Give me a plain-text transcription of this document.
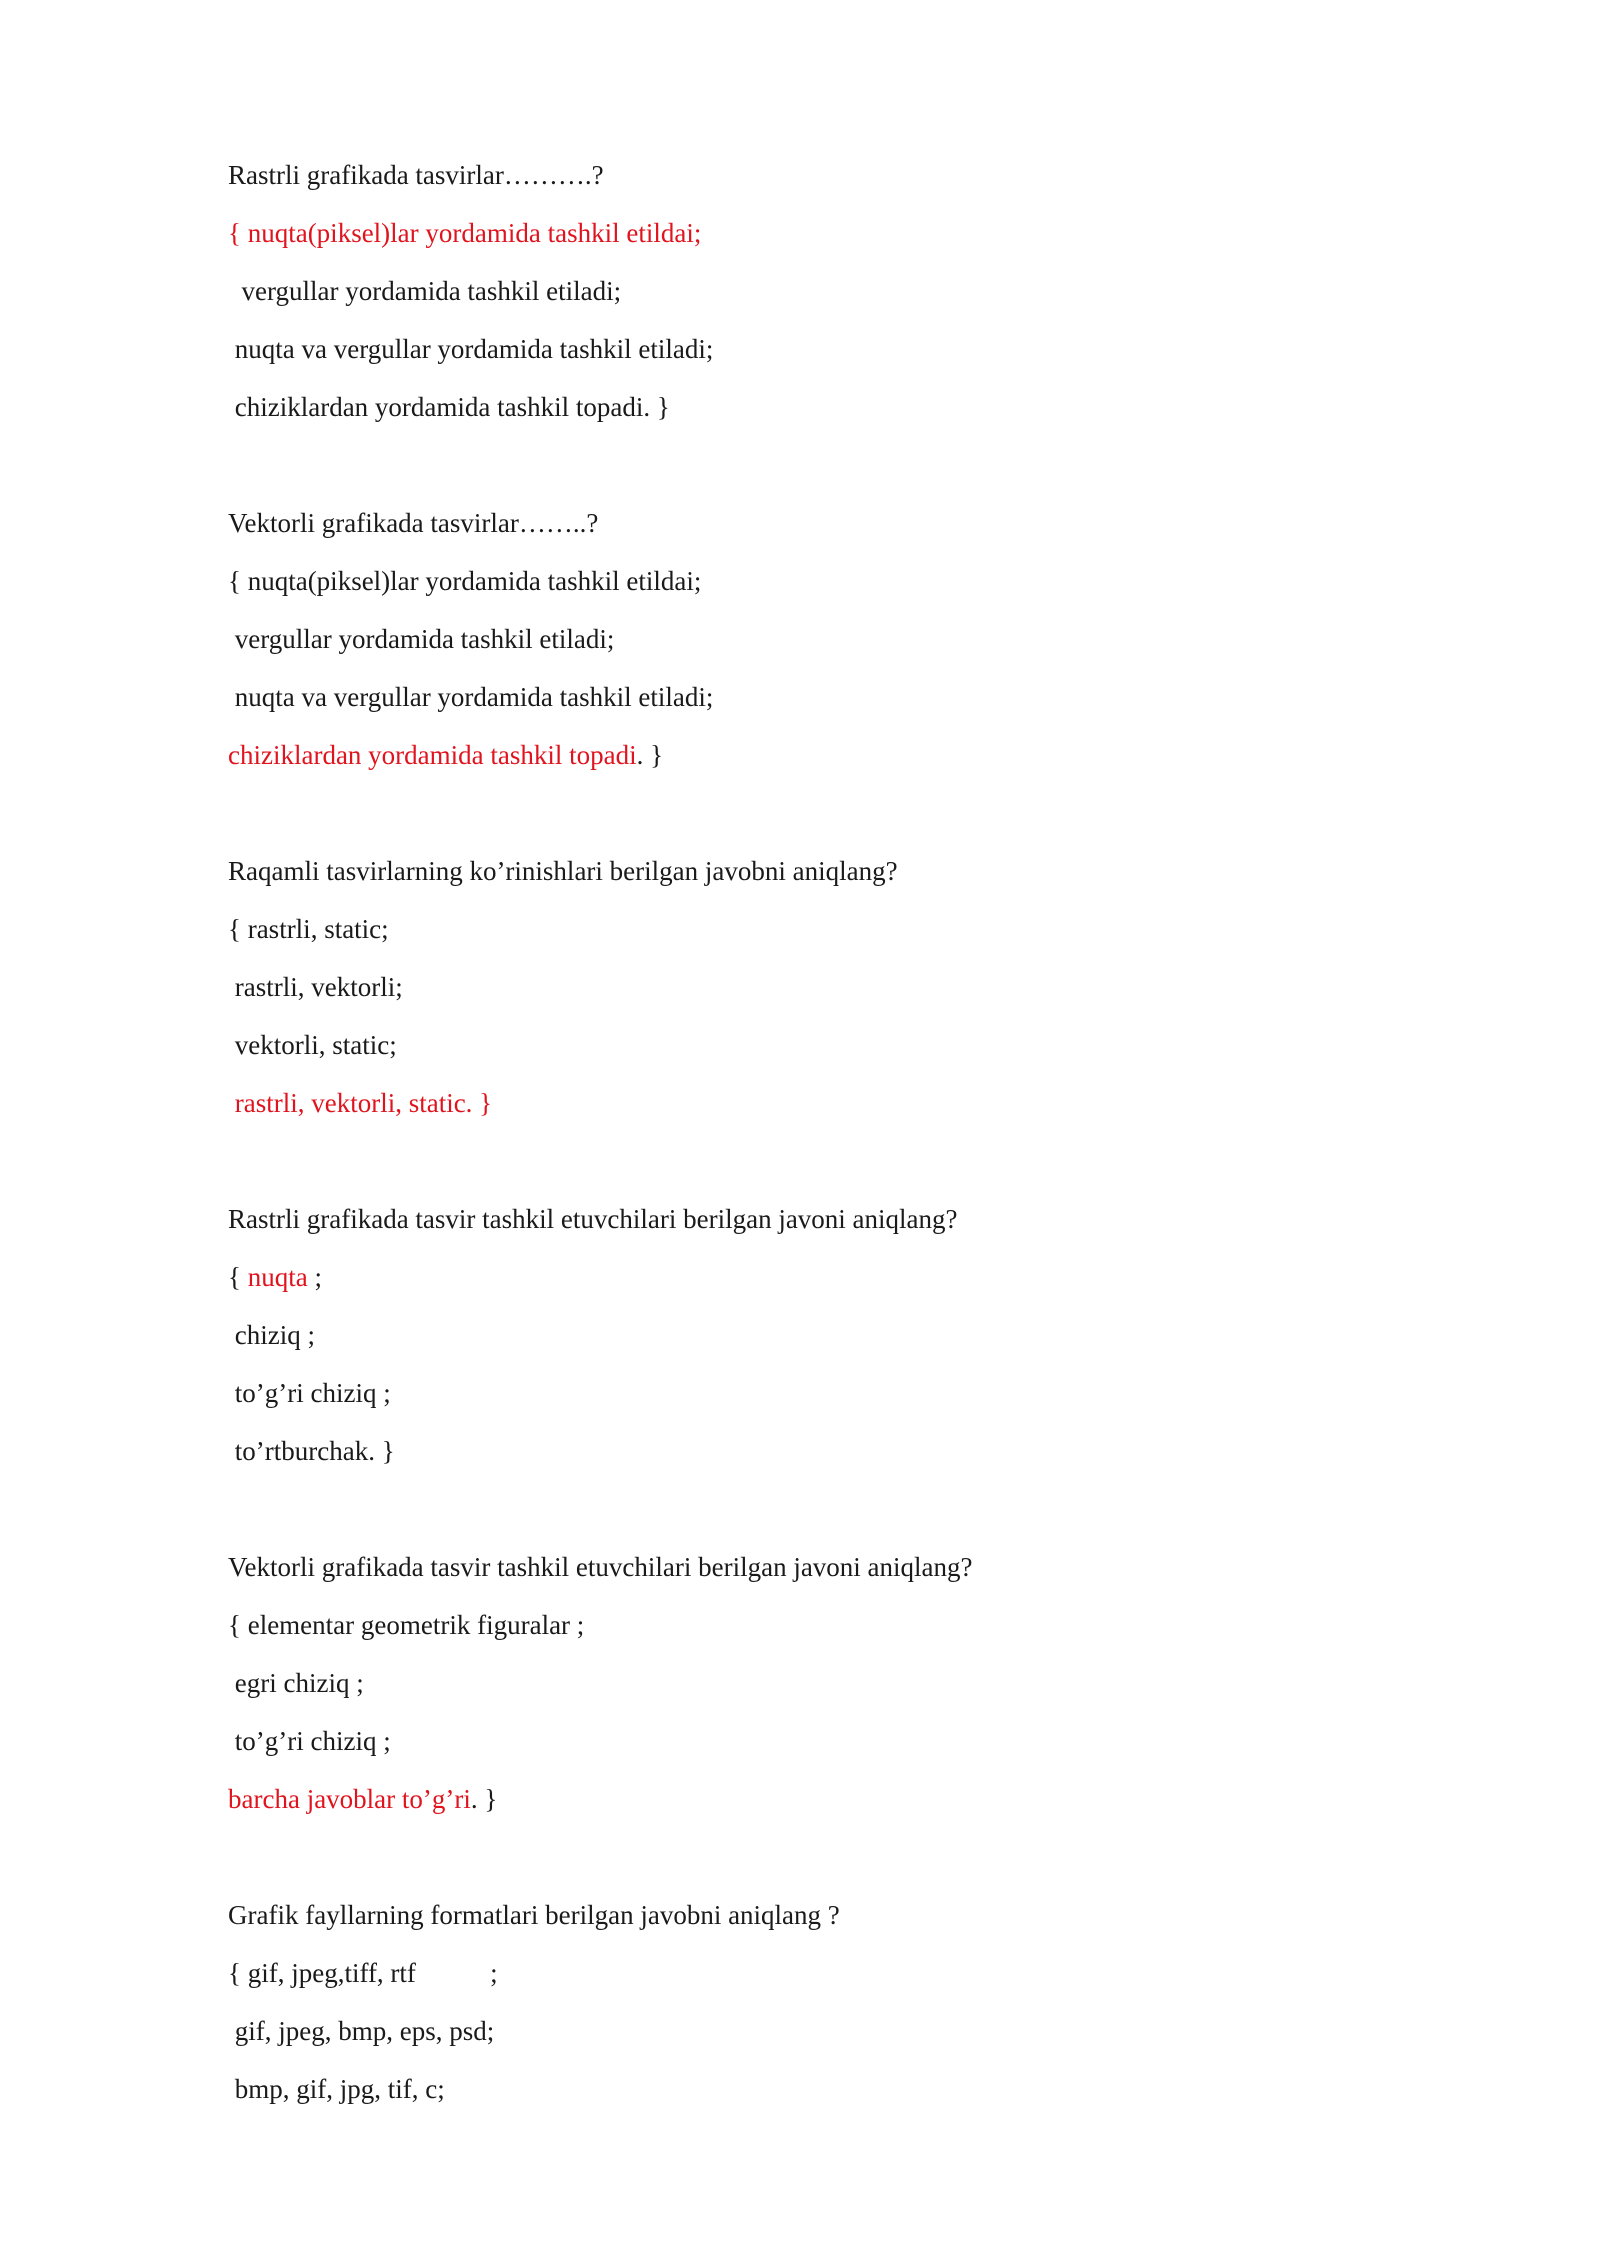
Rastrli grafikada tasvirlar……….?
{ nuqta(piksel)lar yordamida tashkil etildai;
vergullar yordamida tashkil etiladi;
nuqta va vergullar yordamida tashkil etiladi;
chiziklardan yordamida tashkil topadi. }
Vektorli grafikada tasvirlar……..?
{ nuqta(piksel)lar yordamida tashkil etildai;
vergullar yordamida tashkil etiladi;
nuqta va vergullar yordamida tashkil etiladi;
chiziklardan yordamida tashkil topadi. }
Raqamli tasvirlarning ko’rinishlari berilgan javobni aniqlang?
{ rastrli, static;
rastrli, vektorli;
vektorli, static;
rastrli, vektorli, static. }
Rastrli grafikada tasvir tashkil etuvchilari berilgan javoni aniqlang?
{ nuqta ;
chiziq ;
to’g’ri chiziq ;
to’rtburchak. }
Vektorli grafikada tasvir tashkil etuvchilari berilgan javoni aniqlang?
{ elementar geometrik figuralar ;
egri chiziq ;
to’g’ri chiziq ;
barcha javoblar to’g’ri. }
Grafik fayllarning formatlari berilgan javobni aniqlang ?
{ gif, jpeg,tiff, rtf           ;
gif, jpeg, bmp, eps, psd;
bmp, gif, jpg, tif, c;
